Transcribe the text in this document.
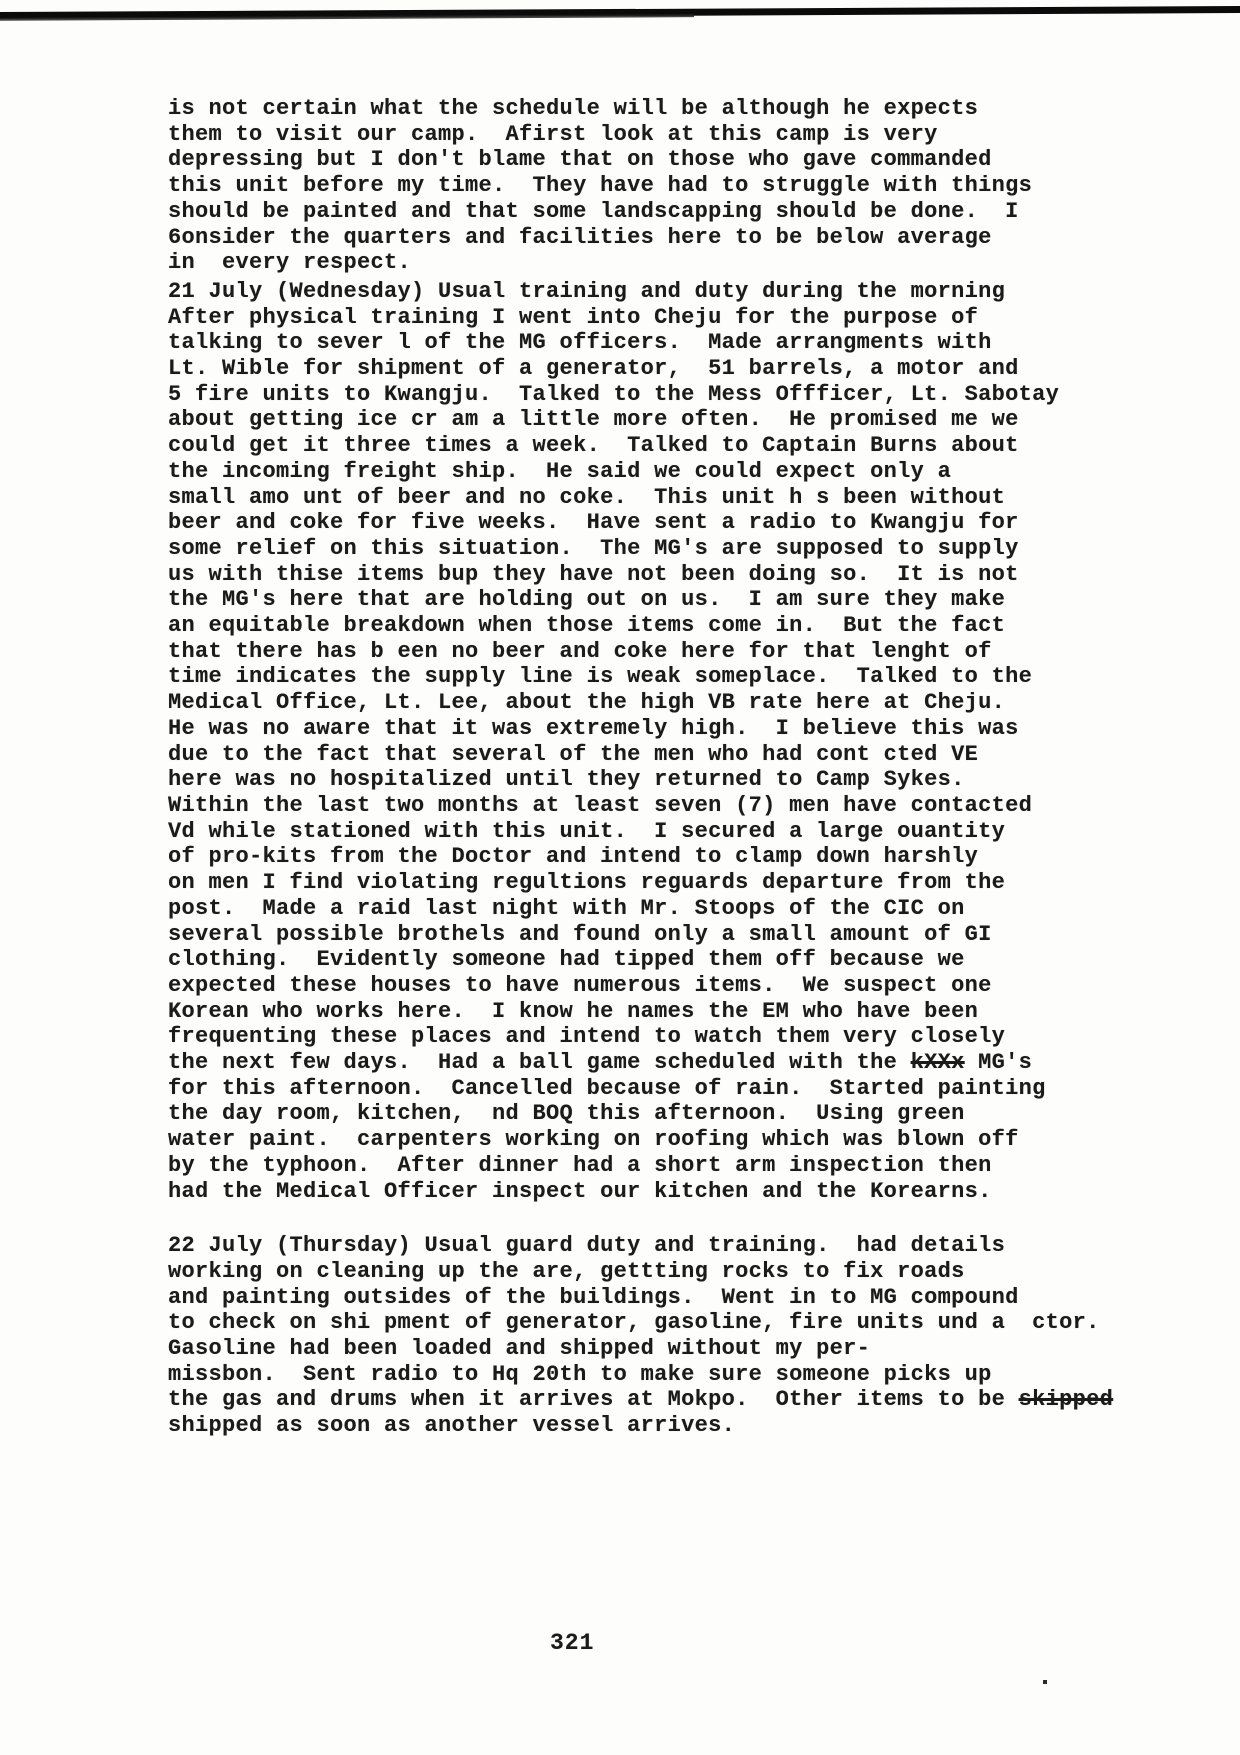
is not certain what the schedule will be although he expects
them to visit our camp.  Afirst look at this camp is very
depressing but I don't blame that on those who gave commanded
this unit before my time.  They have had to struggle with things
should be painted and that some landscapping should be done.  I
6onsider the quarters and facilities here to be below average
in  every respect.
21 July (Wednesday) Usual training and duty during the morning
After physical training I went into Cheju for the purpose of
talking to sever l of the MG officers.  Made arrangments with
Lt. Wible for shipment of a generator,  51 barrels, a motor and
5 fire units to Kwangju.  Talked to the Mess Offficer, Lt. Sabotay
about getting ice cr am a little more often.  He promised me we
could get it three times a week.  Talked to Captain Burns about
the incoming freight ship.  He said we could expect only a
small amo unt of beer and no coke.  This unit h s been without
beer and coke for five weeks.  Have sent a radio to Kwangju for
some relief on this situation.  The MG's are supposed to supply
us with thise items bup they have not been doing so.  It is not
the MG's here that are holding out on us.  I am sure they make
an equitable breakdown when those items come in.  But the fact
that there has b een no beer and coke here for that lenght of
time indicates the supply line is weak someplace.  Talked to the
Medical Office, Lt. Lee, about the high VB rate here at Cheju.
He was no aware that it was extremely high.  I believe this was
due to the fact that several of the men who had cont cted VE
here was no hospitalized until they returned to Camp Sykes.
Within the last two months at least seven (7) men have contacted
Vd while stationed with this unit.  I secured a large ouantity
of pro-kits from the Doctor and intend to clamp down harshly
on men I find violating regultions reguards departure from the
post.  Made a raid last night with Mr. Stoops of the CIC on
several possible brothels and found only a small amount of GI
clothing.  Evidently someone had tipped them off because we
expected these houses to have numerous items.  We suspect one
Korean who works here.  I know he names the EM who have been
frequenting these places and intend to watch them very closely
the next few days.  Had a ball game scheduled with the kXXx MG's
for this afternoon.  Cancelled because of rain.  Started painting
the day room, kitchen,  nd BOQ this afternoon.  Using green
water paint.  carpenters working on roofing which was blown off
by the typhoon.  After dinner had a short arm inspection then
had the Medical Officer inspect our kitchen and the Korearns.
22 July (Thursday) Usual guard duty and training.  had details
working on cleaning up the are, gettting rocks to fix roads
and painting outsides of the buildings.  Went in to MG compound
to check on shi pment of generator, gasoline, fire units und a  ctor.
Gasoline had been loaded and shipped without my per-
missbon.  Sent radio to Hq 20th to make sure someone picks up
the gas and drums when it arrives at Mokpo.  Other items to be skipped
shipped as soon as another vessel arrives.
321
